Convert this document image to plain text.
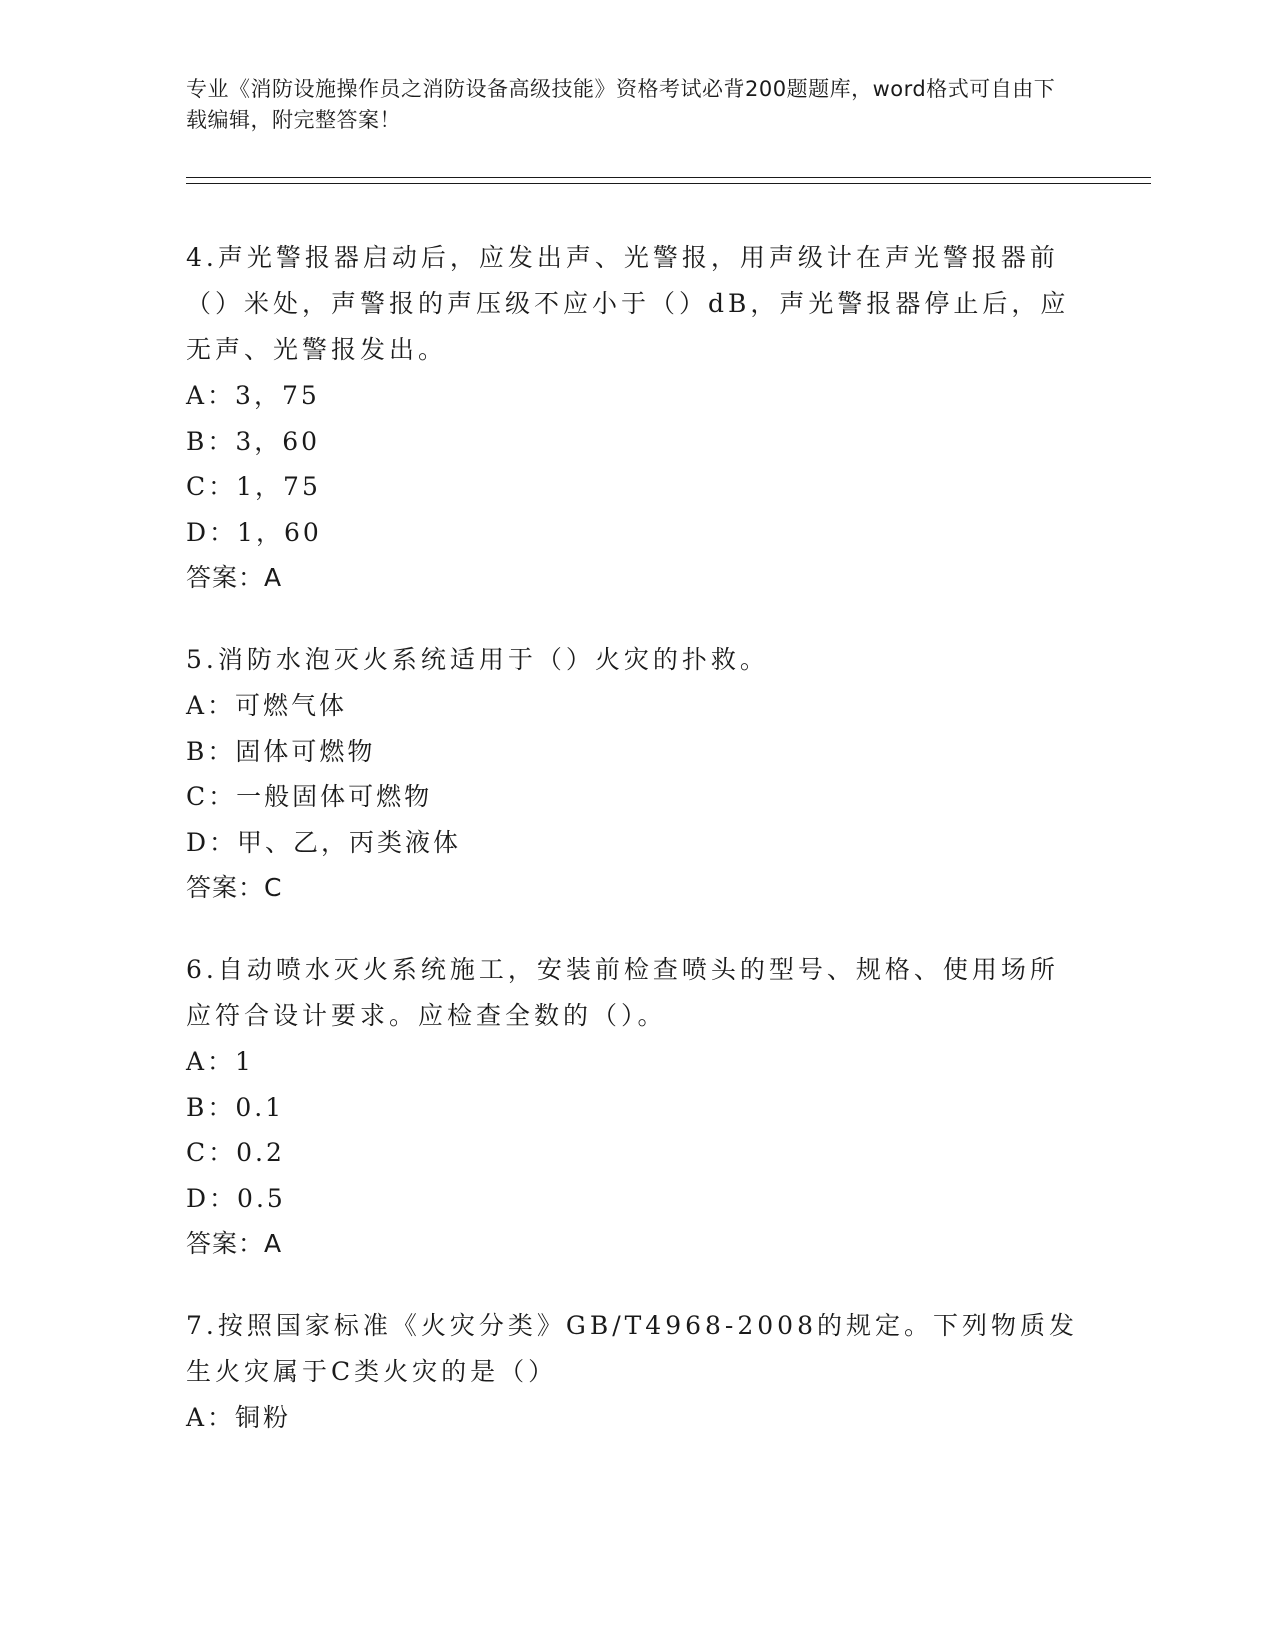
专业《消防设施操作员之消防设备高级技能》资格考试必背200题题库，word格式可自由下载编辑，附完整答案！

4.声光警报器启动后，应发出声、光警报，用声级计在声光警报器前（）米处，声警报的声压级不应小于（）dB，声光警报器停止后，应无声、光警报发出。

A：3，75

B：3，60

C：1，75

D：1，60

答案：A

5.消防水泡灭火系统适用于（）火灾的扑救。

A：可燃气体

B：固体可燃物

C：一般固体可燃物

D：甲、乙，丙类液体

答案：C

6.自动喷水灭火系统施工，安装前检查喷头的型号、规格、使用场所应符合设计要求。应检查全数的（）。

A：1

B：0.1

C：0.2

D：0.5

答案：A

7.按照国家标准《火灾分类》GB/T4968-2008的规定。下列物质发生火灾属于C类火灾的是（）

A：铜粉
